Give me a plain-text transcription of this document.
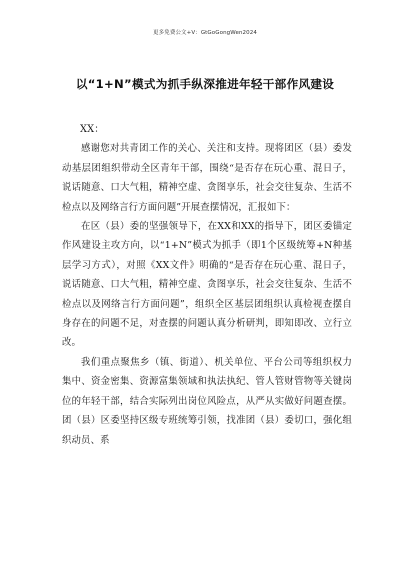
更多免费公文+V：GtGoGongWen2024
以“1+N”模式为抓手纵深推进年轻干部作风建设

XX：

感谢您对共青团工作的关心、关注和支持。现将团区（县）委发动基层团组织带动全区青年干部，围绕“是否存在玩心重、混日子，说话随意、口大气粗，精神空虚、贪图享乐，社会交往复杂、生活不检点以及网络言行方面问题”开展查摆情况，汇报如下：

在区（县）委的坚强领导下，在XX和XX的指导下，团区委锚定作风建设主攻方向，以“1+N”模式为抓手（即1个区级统筹+N种基层学习方式），对照《XX文件》明确的“是否存在玩心重、混日子，说话随意、口大气粗，精神空虚、贪图享乐，社会交往复杂、生活不检点以及网络言行方面问题”，组织全区基层团组织认真检视查摆自身存在的问题不足，对查摆的问题认真分析研判，即知即改、立行立改。

我们重点聚焦乡（镇、街道）、机关单位、平台公司等组织权力集中、资金密集、资源富集领域和执法执纪、管人管财管物等关键岗位的年轻干部，结合实际列出岗位风险点，从严从实做好问题查摆。团（县）区委坚持区级专班统筹引领，找准团（县）委切口，强化组织动员、系
